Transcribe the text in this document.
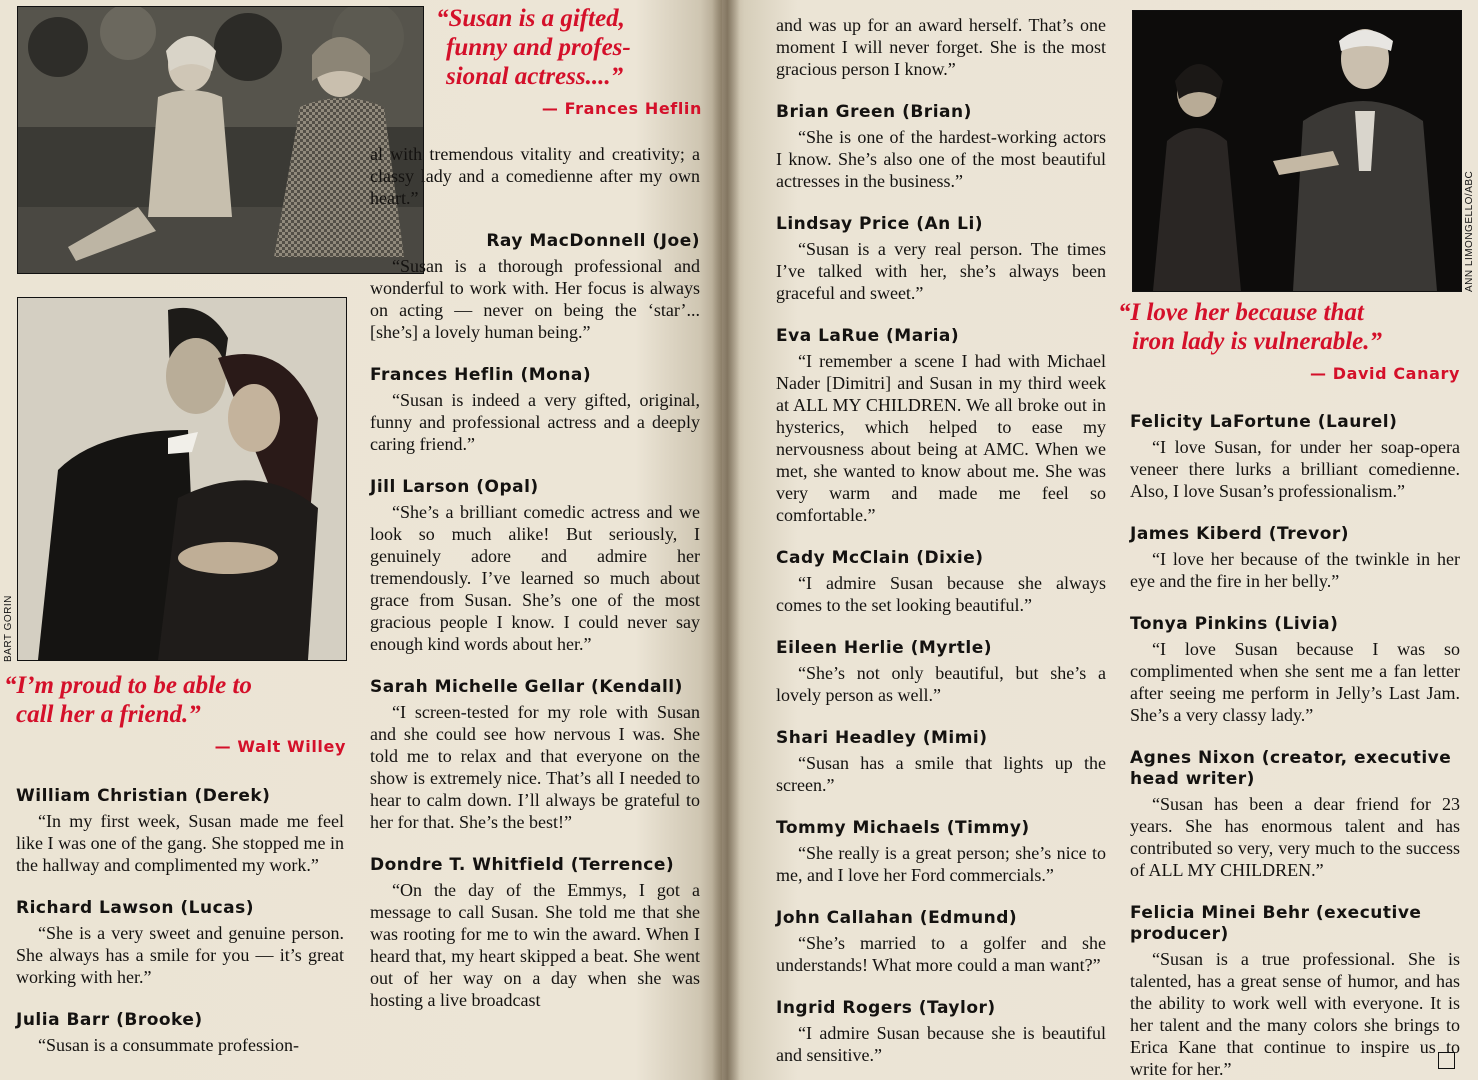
“Susan is a gifted,
funny and profes-
sional actress....”
— Frances Heflin
BART GORIN
“I’m proud to be able to
call her a friend.”
— Walt Willey
William Christian (Derek)

“In my first week, Susan made me feel like I was one of the gang. She stopped me in the hallway and complimented my work.”

Richard Lawson (Lucas)

“She is a very sweet and genuine person. She always has a smile for you — it’s great working with her.”

Julia Barr (Brooke)

“Susan is a consummate profession-

al with tremendous vitality and creativity; a classy lady and a comedienne after my own heart.”

Ray MacDonnell (Joe)

“Susan is a thorough professional and wonderful to work with. Her focus is always on acting — never on being the ‘star’... [she’s] a lovely human being.”

Frances Heflin (Mona)

“Susan is indeed a very gifted, original, funny and professional actress and a deeply caring friend.”

Jill Larson (Opal)

“She’s a brilliant comedic actress and we look so much alike! But seriously, I genuinely adore and admire her tremendously. I’ve learned so much about grace from Susan. She’s one of the most gracious people I know. I could never say enough kind words about her.”

Sarah Michelle Gellar (Kendall)

“I screen-tested for my role with Susan and she could see how nervous I was. She told me to relax and that everyone on the show is extremely nice. That’s all I needed to hear to calm down. I’ll always be grateful to her for that. She’s the best!”

Dondre T. Whitfield (Terrence)

“On the day of the Emmys, I got a message to call Susan. She told me that she was rooting for me to win the award. When I heard that, my heart skipped a beat. She went out of her way on a day when she was hosting a live broadcast

and was up for an award herself. That’s one moment I will never forget. She is the most gracious person I know.”

Brian Green (Brian)

“She is one of the hardest-working actors I know. She’s also one of the most beautiful actresses in the business.”

Lindsay Price (An Li)

“Susan is a very real person. The times I’ve talked with her, she’s always been graceful and sweet.”

Eva LaRue (Maria)

“I remember a scene I had with Michael Nader [Dimitri] and Susan in my third week at ALL MY CHILDREN. We all broke out in hysterics, which helped to ease my nervousness about being at AMC. When we met, she wanted to know about me. She was very warm and made me feel so comfortable.”

Cady McClain (Dixie)

“I admire Susan because she always comes to the set looking beautiful.”

Eileen Herlie (Myrtle)

“She’s not only beautiful, but she’s a lovely person as well.”

Shari Headley (Mimi)

“Susan has a smile that lights up the screen.”

Tommy Michaels (Timmy)

“She really is a great person; she’s nice to me, and I love her Ford commercials.”

John Callahan (Edmund)

“She’s married to a golfer and she understands! What more could a man want?”

Ingrid Rogers (Taylor)

“I admire Susan because she is beautiful and sensitive.”

ANN LIMONGELLO/ABC
“I love her because that
iron lady is vulnerable.”
— David Canary
Felicity LaFortune (Laurel)

“I love Susan, for under her soap-opera veneer there lurks a brilliant comedienne. Also, I love Susan’s professionalism.”

James Kiberd (Trevor)

“I love her because of the twinkle in her eye and the fire in her belly.”

Tonya Pinkins (Livia)

“I love Susan because I was so complimented when she sent me a fan letter after seeing me perform in Jelly’s Last Jam. She’s a very classy lady.”

Agnes Nixon (creator, executive head writer)

“Susan has been a dear friend for 23 years. She has enormous talent and has contributed so very, very much to the success of ALL MY CHILDREN.”

Felicia Minei Behr (executive producer)

“Susan is a true professional. She is talented, has a great sense of humor, and has the ability to work well with everyone. It is her talent and the many colors she brings to Erica Kane that continue to inspire us to write for her.”
